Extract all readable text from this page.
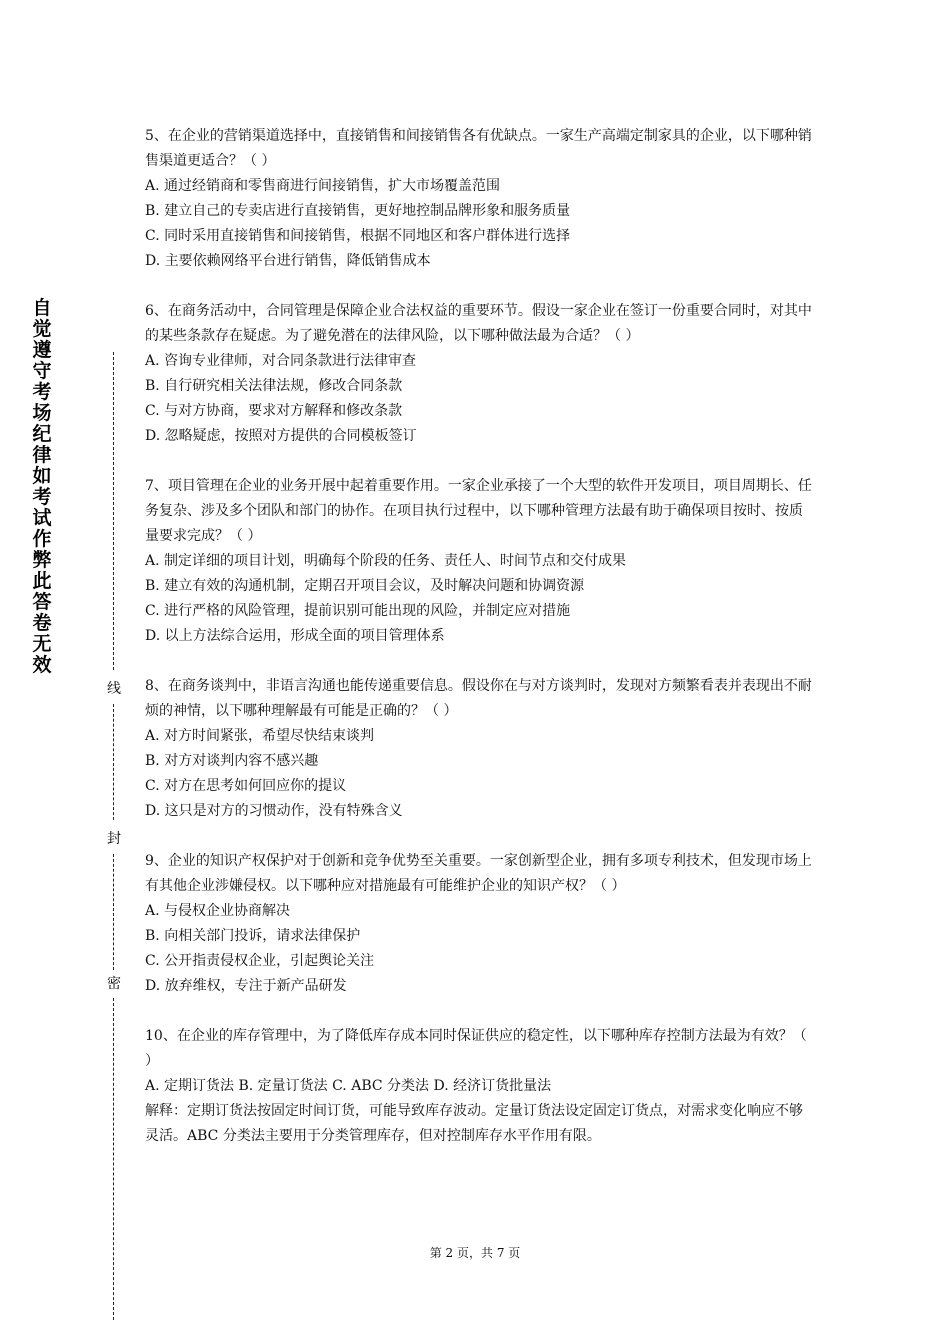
自觉遵守考场纪律如考试作弊此答卷无效
线
封
密

5、在企业的营销渠道选择中，直接销售和间接销售各有优缺点。一家生产高端定制家具的企业，以下哪种销售渠道更适合？（ ）

A. 通过经销商和零售商进行间接销售，扩大市场覆盖范围

B. 建立自己的专卖店进行直接销售，更好地控制品牌形象和服务质量

C. 同时采用直接销售和间接销售，根据不同地区和客户群体进行选择

D. 主要依赖网络平台进行销售，降低销售成本

6、在商务活动中，合同管理是保障企业合法权益的重要环节。假设一家企业在签订一份重要合同时，对其中的某些条款存在疑虑。为了避免潜在的法律风险，以下哪种做法最为合适？（ ）

A. 咨询专业律师，对合同条款进行法律审查

B. 自行研究相关法律法规，修改合同条款

C. 与对方协商，要求对方解释和修改条款

D. 忽略疑虑，按照对方提供的合同模板签订

7、项目管理在企业的业务开展中起着重要作用。一家企业承接了一个大型的软件开发项目，项目周期长、任务复杂、涉及多个团队和部门的协作。在项目执行过程中，以下哪种管理方法最有助于确保项目按时、按质量要求完成？（ ）

A. 制定详细的项目计划，明确每个阶段的任务、责任人、时间节点和交付成果

B. 建立有效的沟通机制，定期召开项目会议，及时解决问题和协调资源

C. 进行严格的风险管理，提前识别可能出现的风险，并制定应对措施

D. 以上方法综合运用，形成全面的项目管理体系

8、在商务谈判中，非语言沟通也能传递重要信息。假设你在与对方谈判时，发现对方频繁看表并表现出不耐烦的神情，以下哪种理解最有可能是正确的？（ ）

A. 对方时间紧张，希望尽快结束谈判

B. 对方对谈判内容不感兴趣

C. 对方在思考如何回应你的提议

D. 这只是对方的习惯动作，没有特殊含义

9、企业的知识产权保护对于创新和竞争优势至关重要。一家创新型企业，拥有多项专利技术，但发现市场上有其他企业涉嫌侵权。以下哪种应对措施最有可能维护企业的知识产权？（ ）

A. 与侵权企业协商解决

B. 向相关部门投诉，请求法律保护

C. 公开指责侵权企业，引起舆论关注

D. 放弃维权，专注于新产品研发

10、在企业的库存管理中，为了降低库存成本同时保证供应的稳定性，以下哪种库存控制方法最为有效？（ ）

A. 定期订货法 B. 定量订货法 C. ABC 分类法 D. 经济订货批量法

解释：定期订货法按固定时间订货，可能导致库存波动。定量订货法设定固定订货点，对需求变化响应不够灵活。ABC 分类法主要用于分类管理库存，但对控制库存水平作用有限。

第 2 页，共 7 页
